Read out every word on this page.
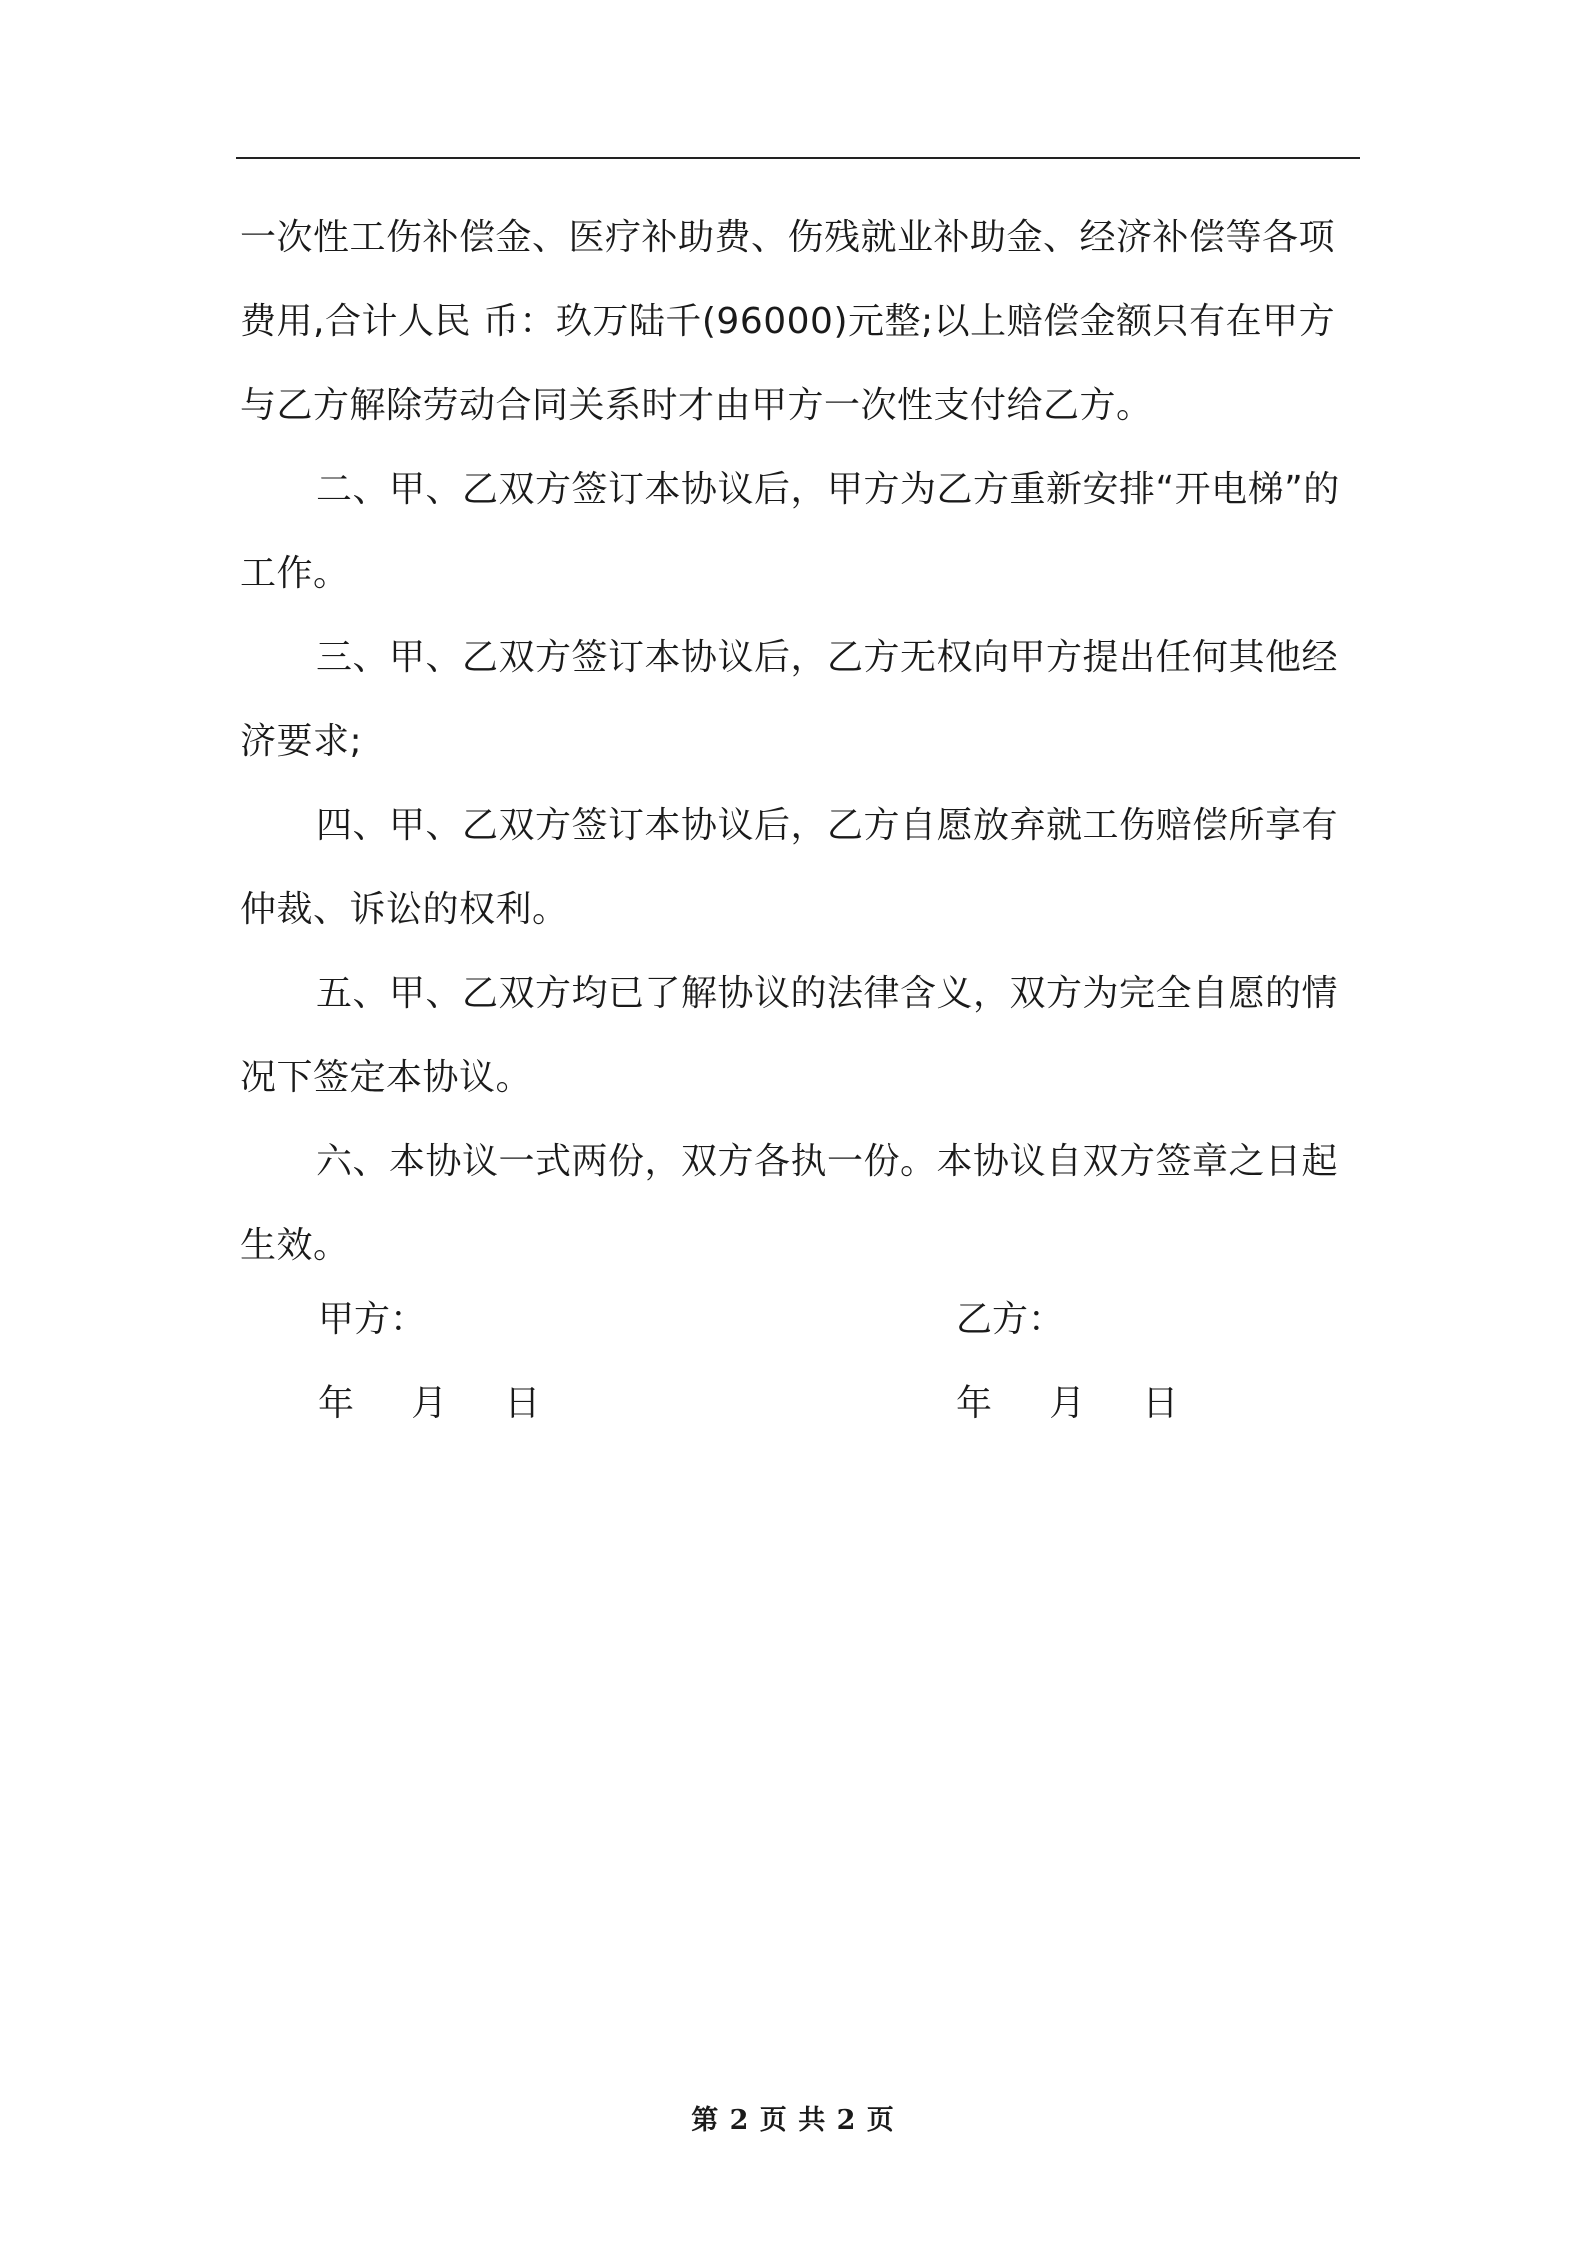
一次性工伤补偿金、医疗补助费、伤残就业补助金、经济补偿等各项费用,合计人民 币：玖万陆千(96000)元整;以上赔偿金额只有在甲方与乙方解除劳动合同关系时才由甲方一次性支付给乙方。

二、甲、乙双方签订本协议后，甲方为乙方重新安排“开电梯”的工作。

三、甲、乙双方签订本协议后，乙方无权向甲方提出任何其他经济要求;

四、甲、乙双方签订本协议后，乙方自愿放弃就工伤赔偿所享有仲裁、诉讼的权利。

五、甲、乙双方均已了解协议的法律含义，双方为完全自愿的情况下签定本协议。

六、本协议一式两份，双方各执一份。本协议自双方签章之日起生效。

甲方：

年     月     日

乙方：

年     月     日

第 2 页 共 2 页
